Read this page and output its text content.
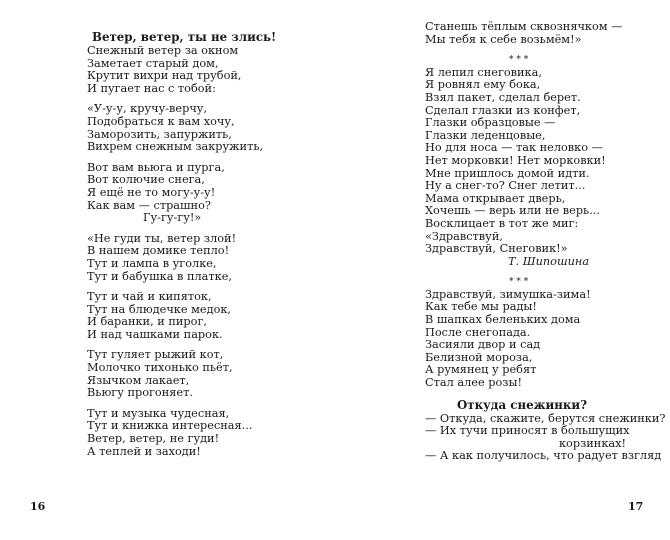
Ветер, ветер, ты не злись!
Снежный ветер за окном
Заметает старый дом,
Крутит вихри над трубой,
И пугает нас с тобой:
«У-у-у, кручу-верчу,
Подобраться к вам хочу,
Заморозить, запуржить,
Вихрем снежным закружить,
Вот вам вьюга и пурга,
Вот колючие снега,
Я ещё не то могу-у-у!
Как вам — страшно?
Гу-гу-гу!»
«Не гуди ты, ветер злой!
В нашем домике тепло!
Тут и лампа в уголке,
Тут и бабушка в платке,
Тут и чай и кипяток,
Тут на блюдечке медок,
И баранки, и пирог,
И над чашками парок.
Тут гуляет рыжий кот,
Молочко тихонько пьёт,
Язычком лакает,
Вьюгу прогоняет.
Тут и музыка чудесная,
Тут и книжка интересная...
Ветер, ветер, не гуди!
А теплей и заходи!
16
Станешь тёплым сквознячком —
Мы тебя к себе возьмём!»
* * *
Я лепил снеговика,
Я ровнял ему бока,
Взял пакет, сделал берет.
Сделал глазки из конфет,
Глазки образцовые —
Глазки леденцовые,
Но для носа — так неловко —
Нет морковки! Нет морковки!
Мне пришлось домой идти.
Ну а снег-то? Снег летит...
Мама открывает дверь,
Хочешь — верь или не верь...
Восклицает в тот же миг:
«Здравствуй,
Здравствуй, Снеговик!»
Т. Шипошина
* * *
Здравствуй, зимушка-зима!
Как тебе мы рады!
В шапках беленьких дома
После снегопада.
Засияли двор и сад
Белизной мороза,
А румянец у ребят
Стал алее розы!
Откуда снежинки?
— Откуда, скажите, берутся снежинки?
— Их тучи приносят в большущих
корзинках!
— А как получилось, что радует взгляд
17
